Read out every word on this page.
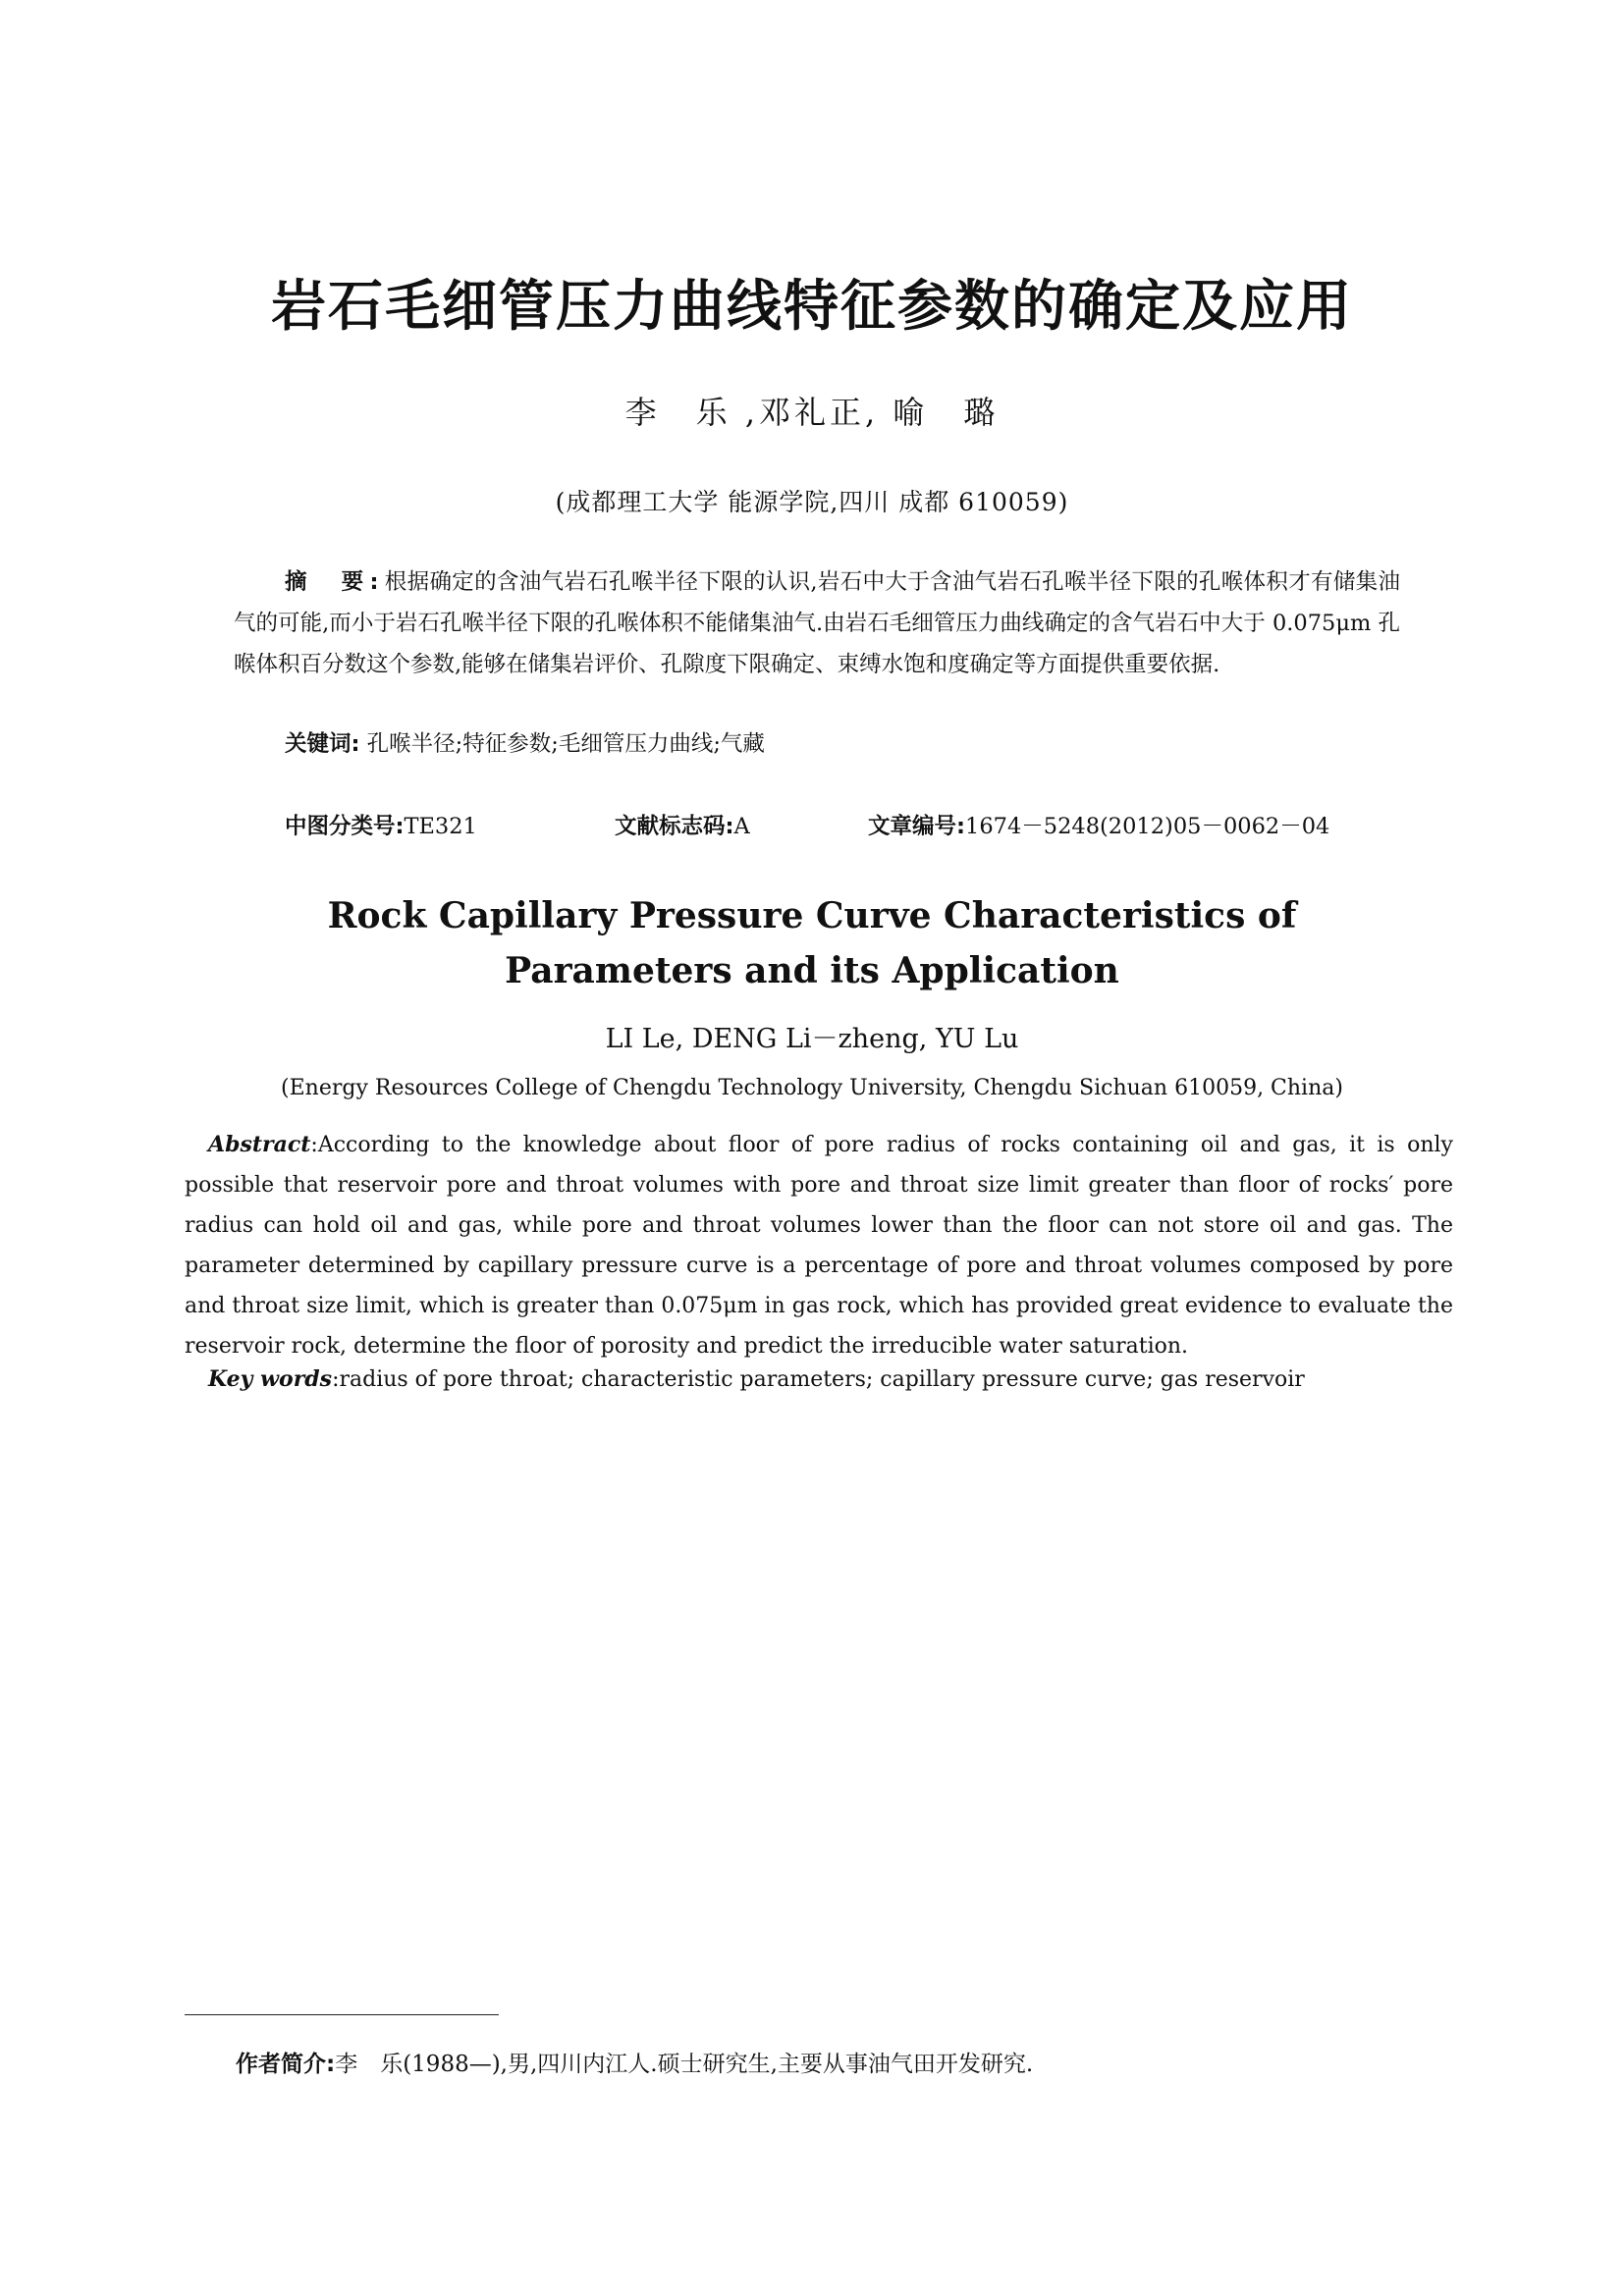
岩石毛细管压力曲线特征参数的确定及应用
李　乐 ,邓礼正, 喻　璐
(成都理工大学 能源学院,四川 成都 610059)
摘　要:根据确定的含油气岩石孔喉半径下限的认识,岩石中大于含油气岩石孔喉半径下限的孔喉体积才有储集油气的可能,而小于岩石孔喉半径下限的孔喉体积不能储集油气.由岩石毛细管压力曲线确定的含气岩石中大于 0.075μm 孔喉体积百分数这个参数,能够在储集岩评价、孔隙度下限确定、束缚水饱和度确定等方面提供重要依据.
关键词: 孔喉半径;特征参数;毛细管压力曲线;气藏
中图分类号:TE321	文献标志码:A	文章编号:1674－5248(2012)05－0062－04
Rock Capillary Pressure Curve Characteristics of
Parameters and its Application
LI Le, DENG Li－zheng, YU Lu
(Energy Resources College of Chengdu Technology University, Chengdu Sichuan 610059, China)
Abstract:According to the knowledge about floor of pore radius of rocks containing oil and gas, it is only possible that reservoir pore and throat volumes with pore and throat size limit greater than floor of rocks′ pore radius can hold oil and gas, while pore and throat volumes lower than the floor can not store oil and gas. The parameter determined by capillary pressure curve is a percentage of pore and throat volumes composed by pore and throat size limit, which is greater than 0.075μm in gas rock, which has provided great evidence to evaluate the reservoir rock, determine the floor of porosity and predict the irreducible water saturation.
Key words:radius of pore throat; characteristic parameters; capillary pressure curve; gas reservoir
作者简介:李　乐(1988—),男,四川内江人.硕士研究生,主要从事油气田开发研究.
